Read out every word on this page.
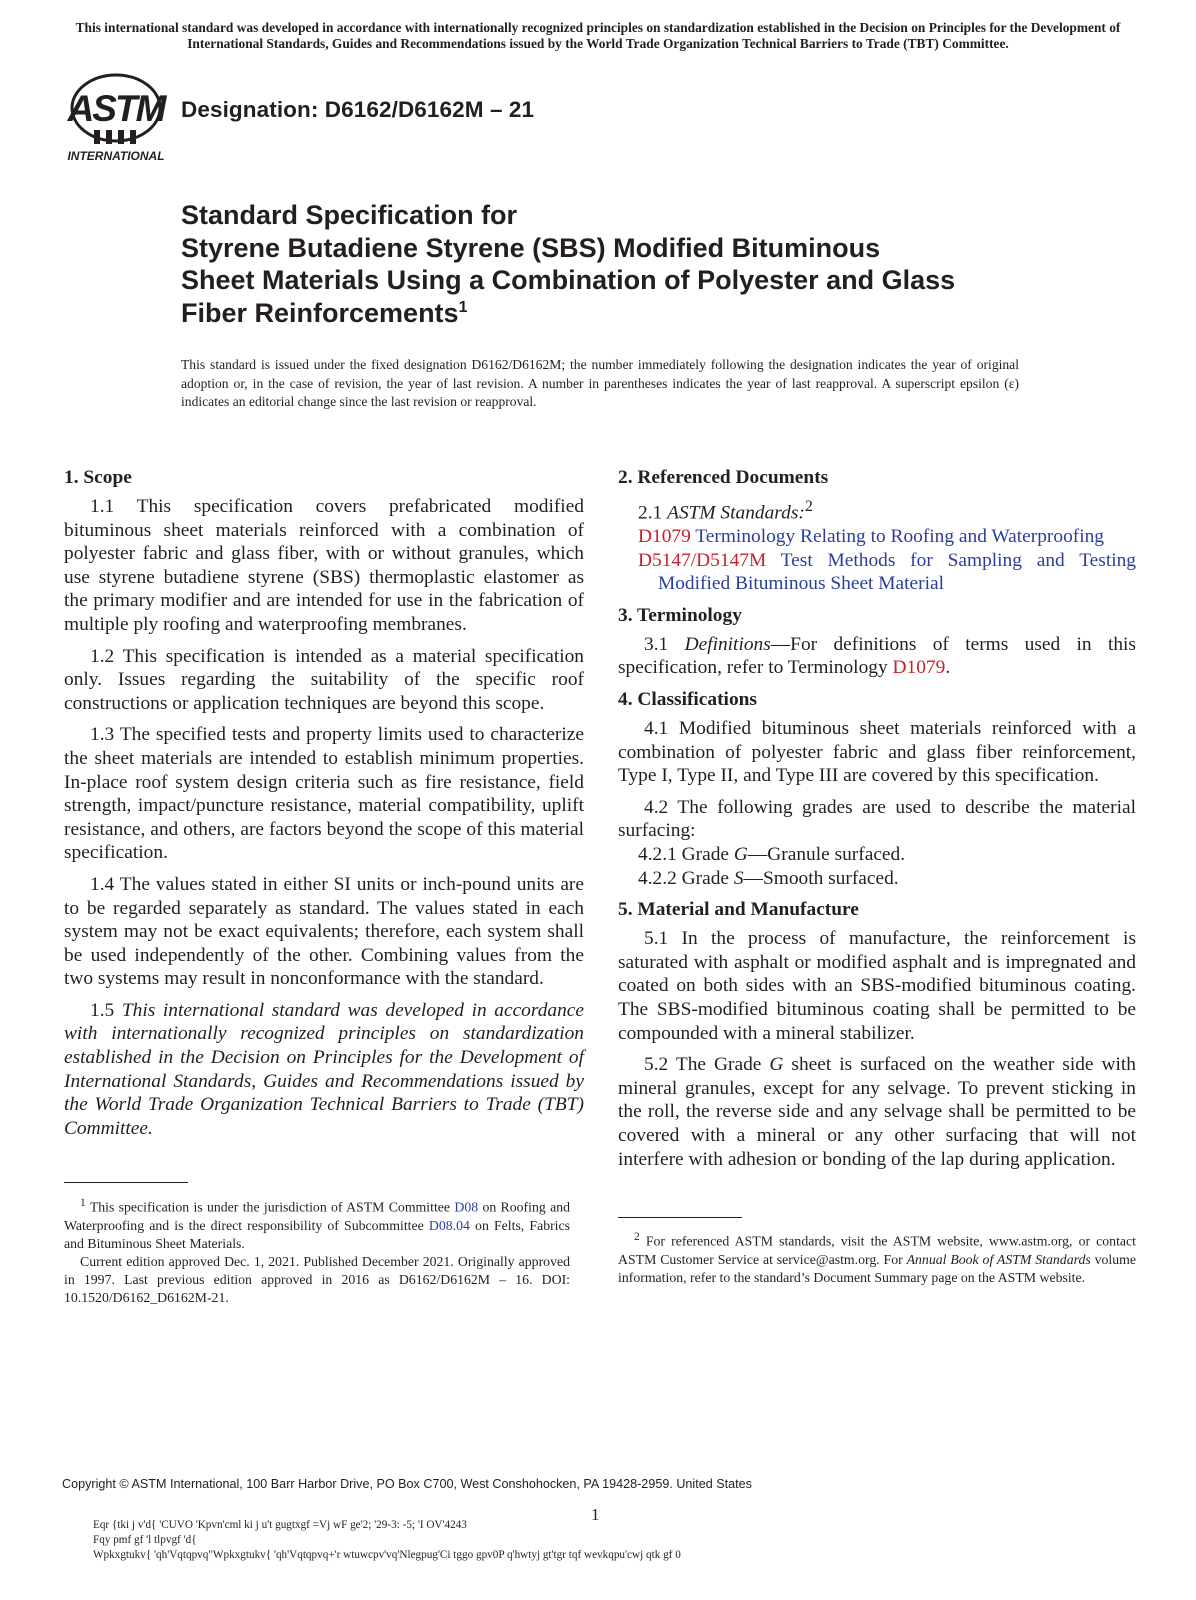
This international standard was developed in accordance with internationally recognized principles on standardization established in the Decision on Principles for the Development of International Standards, Guides and Recommendations issued by the World Trade Organization Technical Barriers to Trade (TBT) Committee.
ASTM
INTERNATIONAL
Designation: D6162/D6162M – 21
Standard Specification for
Styrene Butadiene Styrene (SBS) Modified Bituminous
Sheet Materials Using a Combination of Polyester and Glass
Fiber Reinforcements$^1$
This standard is issued under the fixed designation D6162/D6162M; the number immediately following the designation indicates the year of original adoption or, in the case of revision, the year of last revision. A number in parentheses indicates the year of last reapproval. A superscript epsilon (ε) indicates an editorial change since the last revision or reapproval.
1. Scope

1.1 This specification covers prefabricated modified bituminous sheet materials reinforced with a combination of polyester fabric and glass fiber, with or without granules, which use styrene butadiene styrene (SBS) thermoplastic elastomer as the primary modifier and are intended for use in the fabrication of multiple ply roofing and waterproofing membranes.

1.2 This specification is intended as a material specification only. Issues regarding the suitability of the specific roof constructions or application techniques are beyond this scope.

1.3 The specified tests and property limits used to characterize the sheet materials are intended to establish minimum properties. In-place roof system design criteria such as fire resistance, field strength, impact/puncture resistance, material compatibility, uplift resistance, and others, are factors beyond the scope of this material specification.

1.4 The values stated in either SI units or inch-pound units are to be regarded separately as standard. The values stated in each system may not be exact equivalents; therefore, each system shall be used independently of the other. Combining values from the two systems may result in nonconformance with the standard.

1.5 This international standard was developed in accordance with internationally recognized principles on standardization established in the Decision on Principles for the Development of International Standards, Guides and Recommendations issued by the World Trade Organization Technical Barriers to Trade (TBT) Committee.

$^1$ This specification is under the jurisdiction of ASTM Committee D08 on Roofing and Waterproofing and is the direct responsibility of Subcommittee D08.04 on Felts, Fabrics and Bituminous Sheet Materials.

Current edition approved Dec. 1, 2021. Published December 2021. Originally approved in 1997. Last previous edition approved in 2016 as D6162/D6162M – 16. DOI: 10.1520/D6162_D6162M-21.

2. Referenced Documents

2.1 ASTM Standards:$^2$

D1079 Terminology Relating to Roofing and Waterproofing

D5147/D5147M Test Methods for Sampling and Testing Modified Bituminous Sheet Material

3. Terminology

3.1 Definitions—For definitions of terms used in this specification, refer to Terminology D1079.

4. Classifications

4.1 Modified bituminous sheet materials reinforced with a combination of polyester fabric and glass fiber reinforcement, Type I, Type II, and Type III are covered by this specification.

4.2 The following grades are used to describe the material surfacing:

4.2.1 Grade G—Granule surfaced.

4.2.2 Grade S—Smooth surfaced.

5. Material and Manufacture

5.1 In the process of manufacture, the reinforcement is saturated with asphalt or modified asphalt and is impregnated and coated on both sides with an SBS-modified bituminous coating. The SBS-modified bituminous coating shall be permitted to be compounded with a mineral stabilizer.

5.2 The Grade G sheet is surfaced on the weather side with mineral granules, except for any selvage. To prevent sticking in the roll, the reverse side and any selvage shall be permitted to be covered with a mineral or any other surfacing that will not interfere with adhesion or bonding of the lap during application.

$^2$ For referenced ASTM standards, visit the ASTM website, www.astm.org, or contact ASTM Customer Service at service@astm.org. For Annual Book of ASTM Standards volume information, refer to the standard’s Document Summary page on the ASTM website.

Copyright © ASTM International, 100 Barr Harbor Drive, PO Box C700, West Conshohocken, PA 19428-2959. United States
1
Eqr {tki j v'd{ 'CUVO 'Kpvn'cml ki j u't gugtxgf =Vj wF ge'2; '29-3: -5; 'I OV'4243
Fqy pmf gf 'l tlpvgf 'd{
Wpkxgtukv{ 'qh'Vqtqpvq"Wpkxgtukv{ 'qh'Vqtqpvq+'r wtuwcpv'vq'Nlegpug'Ci tggo gpv0P q'hwtyj gt'tgr tqf wevkqpu'cwj qtk gf 0
